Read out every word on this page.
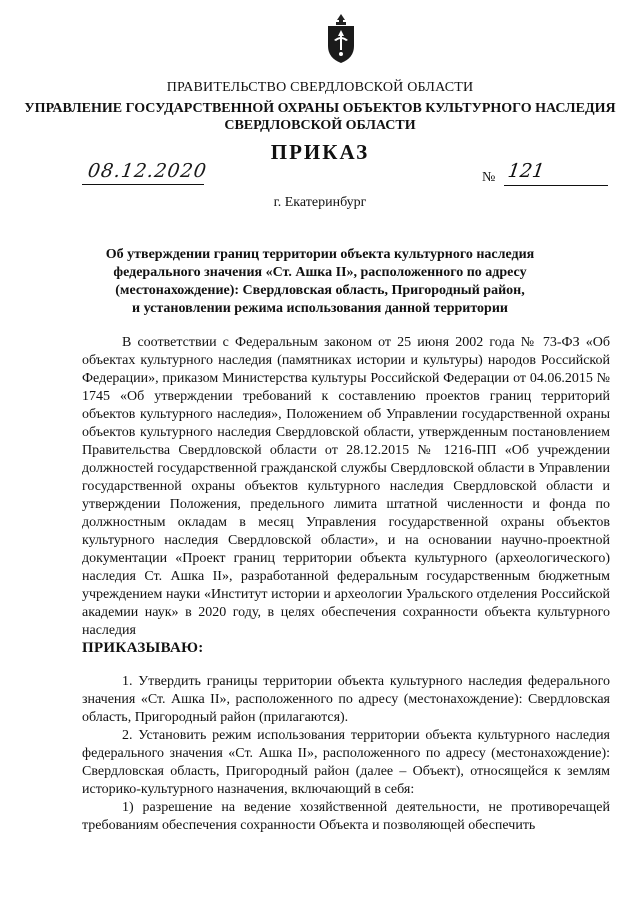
ПРАВИТЕЛЬСТВО СВЕРДЛОВСКОЙ ОБЛАСТИ
УПРАВЛЕНИЕ ГОСУДАРСТВЕННОЙ ОХРАНЫ ОБЪЕКТОВ КУЛЬТУРНОГО НАСЛЕДИЯ
СВЕРДЛОВСКОЙ ОБЛАСТИ
ПРИКАЗ
08.12.2020	№ 121
г. Екатеринбург
Об утверждении границ территории объекта культурного наследия
федерального значения «Ст. Ашка II», расположенного по адресу
(местонахождение): Свердловская область, Пригородный район,
и установлении режима использования данной территории
В соответствии с Федеральным законом от 25 июня 2002 года № 73-ФЗ «Об объектах культурного наследия (памятниках истории и культуры) народов Российской Федерации», приказом Министерства культуры Российской Федерации от 04.06.2015 № 1745 «Об утверждении требований к составлению проектов границ территорий объектов культурного наследия», Положением об Управлении государственной охраны объектов культурного наследия Свердловской области, утвержденным постановлением Правительства Свердловской области от 28.12.2015 № 1216-ПП «Об учреждении должностей государственной гражданской службы Свердловской области в Управлении государственной охраны объектов культурного наследия Свердловской области и утверждении Положения, предельного лимита штатной численности и фонда по должностным окладам в месяц Управления государственной охраны объектов культурного наследия Свердловской области», и на основании научно-проектной документации «Проект границ территории объекта культурного (археологического) наследия Ст. Ашка II», разработанной федеральным государственным бюджетным учреждением науки «Институт истории и археологии Уральского отделения Российской академии наук» в 2020 году, в целях обеспечения сохранности объекта культурного наследия
ПРИКАЗЫВАЮ:

1. Утвердить границы территории объекта культурного наследия федерального значения «Ст. Ашка II», расположенного по адресу (местонахождение): Свердловская область, Пригородный район (прилагаются).

2. Установить режим использования территории объекта культурного наследия федерального значения «Ст. Ашка II», расположенного по адресу (местонахождение): Свердловская область, Пригородный район (далее – Объект), относящейся к землям историко-культурного назначения, включающий в себя:

1) разрешение на ведение хозяйственной деятельности, не противоречащей требованиям обеспечения сохранности Объекта и позволяющей обеспечить
